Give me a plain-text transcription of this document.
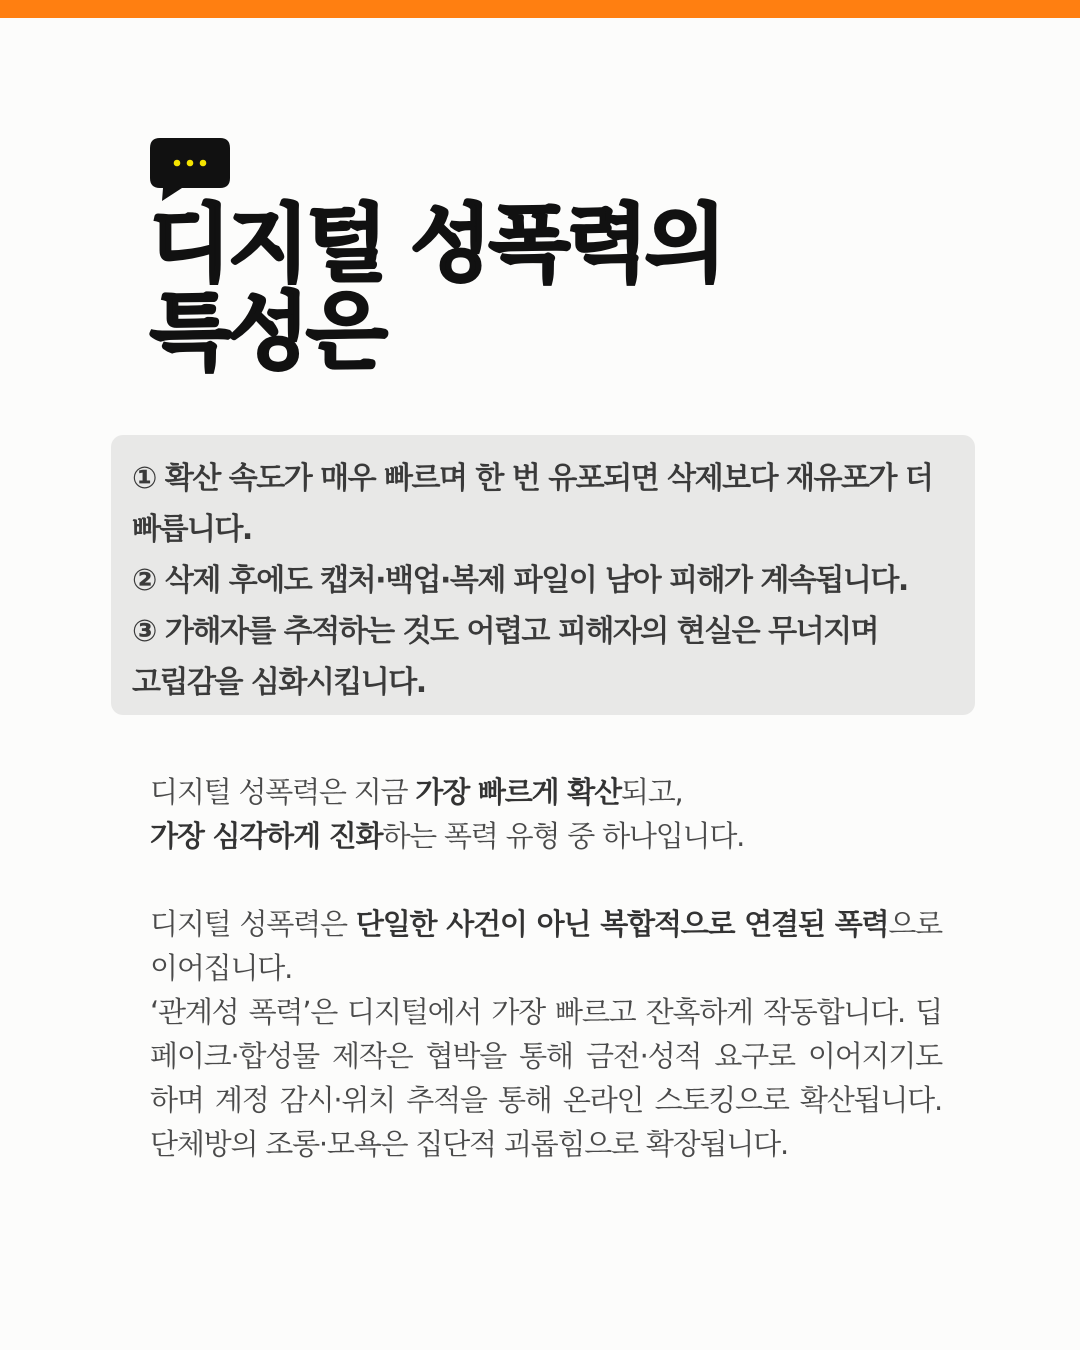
디지털 성폭력의
특성은

① 확산 속도가 매우 빠르며 한 번 유포되면 삭제보다 재유포가 더 빠릅니다.

② 삭제 후에도 캡처·백업·복제 파일이 남아 피해가 계속됩니다.

③ 가해자를 추적하는 것도 어렵고 피해자의 현실은 무너지며 고립감을 심화시킵니다.

디지털 성폭력은 지금 가장 빠르게 확산되고,

가장 심각하게 진화하는 폭력 유형 중 하나입니다.

디지털 성폭력은 단일한 사건이 아닌 복합적으로 연결된 폭력으로 이어집니다.

‘관계성 폭력’은 디지털에서 가장 빠르고 잔혹하게 작동합니다. 딥페이크·합성물 제작은 협박을 통해 금전·성적 요구로 이어지기도 하며 계정 감시·위치 추적을 통해 온라인 스토킹으로 확산됩니다. 단체방의 조롱·모욕은 집단적 괴롭힘으로 확장됩니다.
